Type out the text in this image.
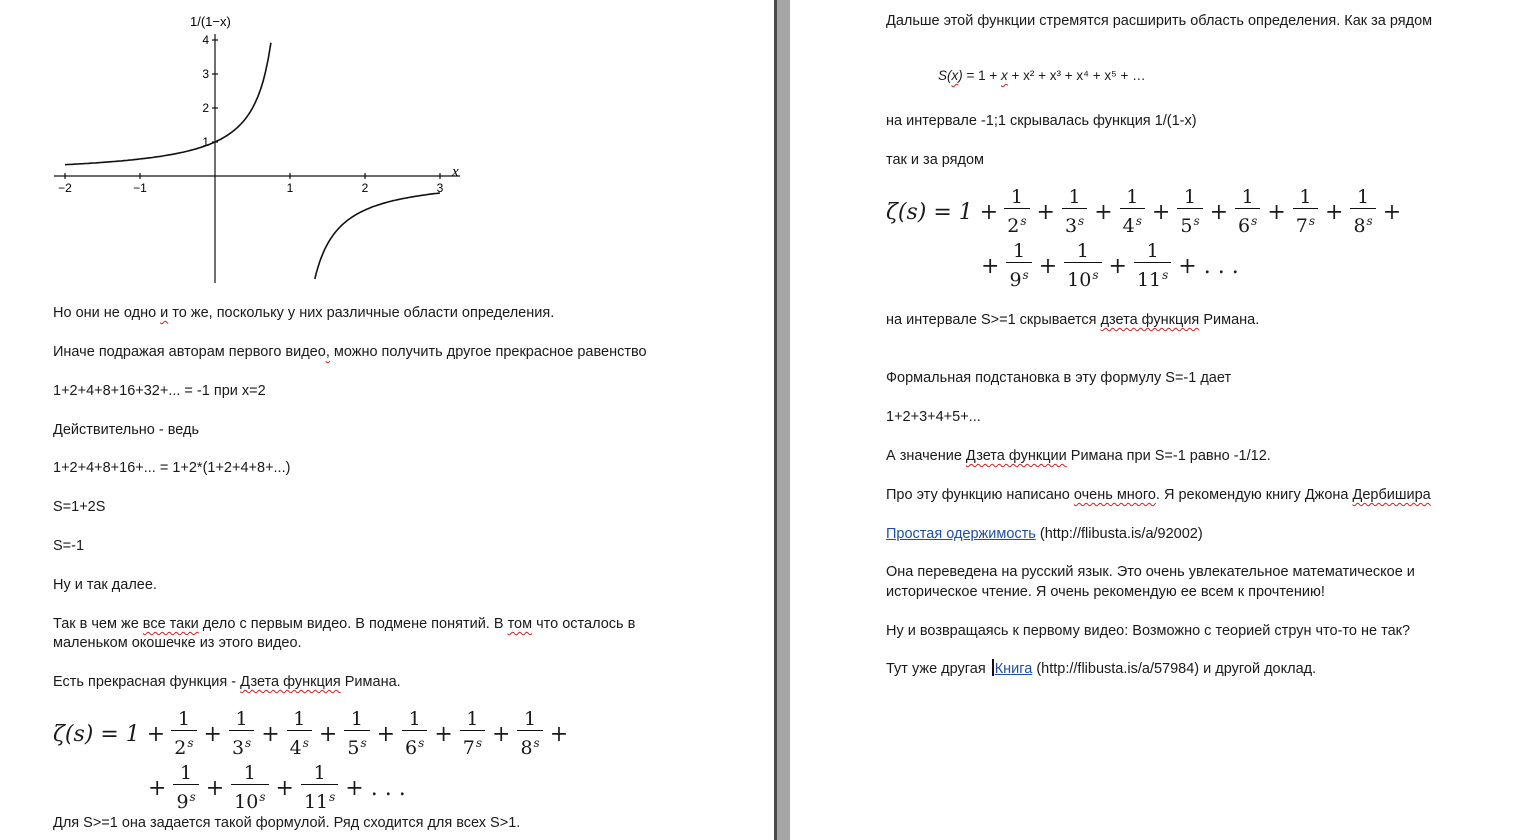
−2	−1	1	2	3
1
2
3
4
1/(1−x)
x
Но они не одно и то же, поскольку у них различные области определения.
Иначе подражая авторам первого видео, можно получить другое прекрасное равенство
1+2+4+8+16+32+... = -1 при x=2
Действительно - ведь
1+2+4+8+16+... = 1+2*(1+2+4+8+...)
S=1+2S
S=-1
Ну и так далее.
Так в чем же все таки дело с первым видео. В подмене понятий. В том что осталось в
маленьком окошечке из этого видео.
Есть прекрасная функция - Дзета функция Римана.
$\zeta(s) = 1 + \frac{1}{2^s} + \frac{1}{3^s} + \frac{1}{4^s} + \frac{1}{5^s} + \frac{1}{6^s} + \frac{1}{7^s} + \frac{1}{8^s}$ +
+ $\frac{1}{9^s} + \frac{1}{10^s} + \frac{1}{11^s}$ + . . .
Для S>=1 она задается такой формулой. Ряд сходится для всех S>1.
Дальше этой функции стремятся расширить область определения. Как за рядом
S(x) = 1 + x + x² + x³ + x⁴ + x⁵ + …
на интервале -1;1 скрывалась функция 1/(1-x)
так и за рядом
$\zeta(s) = 1 + \frac{1}{2^s} + \frac{1}{3^s} + \frac{1}{4^s} + \frac{1}{5^s} + \frac{1}{6^s} + \frac{1}{7^s} + \frac{1}{8^s}$ +
+ $\frac{1}{9^s} + \frac{1}{10^s} + \frac{1}{11^s}$ + . . .
на интервале S>=1 скрывается дзета функция Римана.
Формальная подстановка в эту формулу S=-1 дает
1+2+3+4+5+...
А значение Дзета функции Римана при S=-1 равно -1/12.
Про эту функцию написано очень много. Я рекомендую книгу Джона Дербишира
Простая одержимость (http://flibusta.is/a/92002)
Она переведена на русский язык. Это очень увлекательное математическое и
историческое чтение. Я очень рекомендую ее всем к прочтению!
Ну и возвращаясь к первому видео: Возможно с теорией струн что-то не так?
Тут уже другая Книга (http://flibusta.is/a/57984) и другой доклад.
